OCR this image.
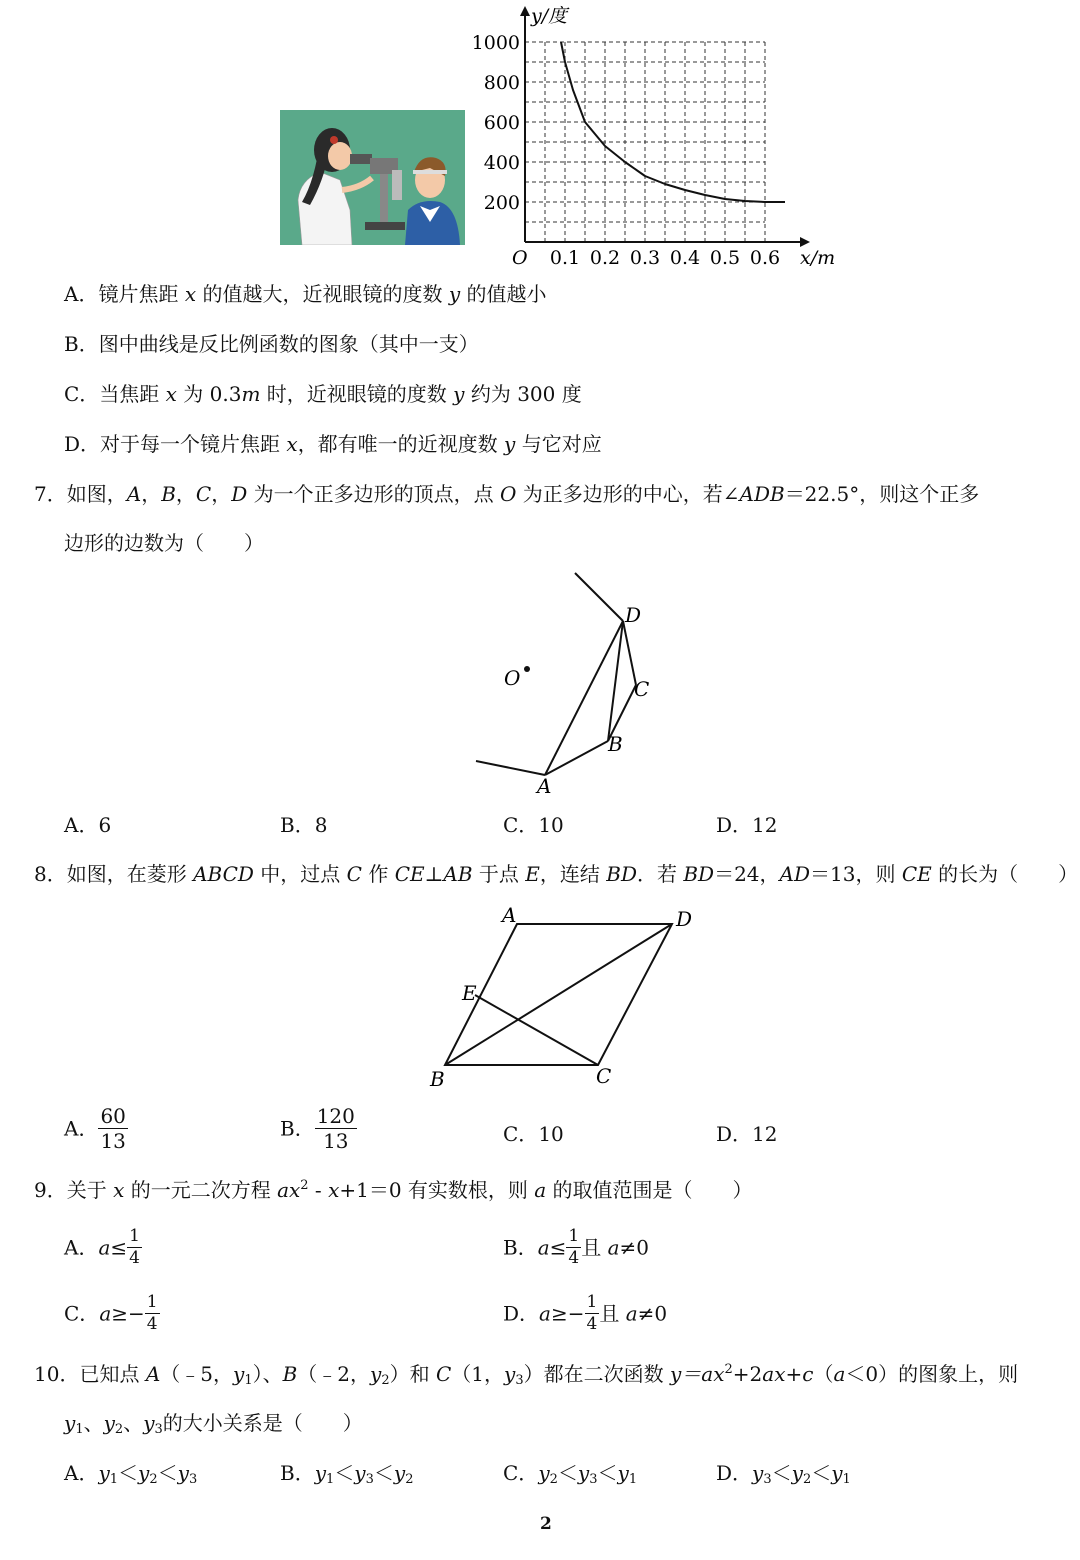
0.1 0.2 0.3 0.4 0.5 0.6
200
400
600
800
1000
O	x/m
y/度
A．镜片焦距 x 的值越大，近视眼镜的度数 y 的值越小
B．图中曲线是反比例函数的图象（其中一支）
C．当焦距 x 为 0.3m 时，近视眼镜的度数 y 约为 300 度
D．对于每一个镜片焦距 x，都有唯一的近视度数 y 与它对应
7．如图，A，B，C，D 为一个正多边形的顶点，点 O 为正多边形的中心，若∠ADB＝22.5°，则这个正多
边形的边数为（　　）
O
D
C
B
A
A．6	B．8	C．10	D．12
8．如图，在菱形 ABCD 中，过点 C 作 CE⊥AB 于点 E，连结 BD．若 BD＝24，AD＝13，则 CE 的长为（　　）
A	D
E
B	C
A． $\frac{60}{13}$	B． $\frac{120}{13}$	C．10	D．12
9．关于 x 的一元二次方程 $ax^2 - x+1=0$ 有实数根，则 a 的取值范围是（　　）
A．$a\le \frac{1}{4}$	B．$a\le \frac{1}{4}$ 且 a≠0
C．$a\ge- \frac{1}{4}$	D．$a\ge- \frac{1}{4}$ 且 a≠0
10．已知点 A（﹣5，$y_1$）、B（﹣2，$y_2$）和 C（1，$y_3$）都在二次函数 $y=ax^2+2ax+c(a<0)$的图象上，则
$y_1$、$y_2$、$y_3$的大小关系是（　　）
A．$y_1<y_2<y_3$	B．$y_1<y_3<y_2$	C．$y_2<y_3<y_1$	D．$y_3<y_2<y_1$
2
